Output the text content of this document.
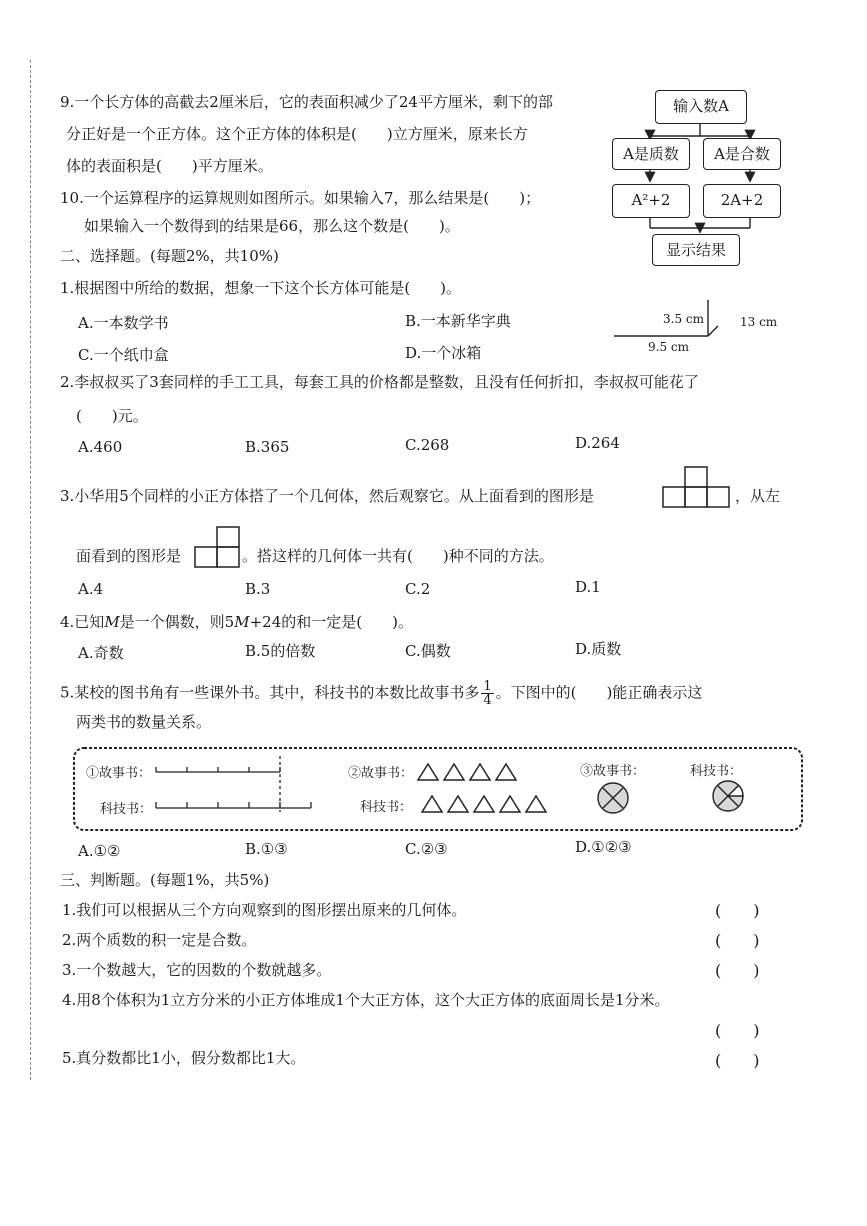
9.一个长方体的高截去2厘米后，它的表面积减少了24平方厘米，剩下的部
分正好是一个正方体。这个正方体的体积是(　　)立方厘米，原来长方
体的表面积是(　　)平方厘米。
10.一个运算程序的运算规则如图所示。如果输入7，那么结果是(　　)；
如果输入一个数得到的结果是66，那么这个数是(　　)。
输入数A
A是质数	A是合数
A²+2	2A+2
显示结果
二、选择题。(每题2%，共10%)
1.根据图中所给的数据，想象一下这个长方体可能是(　　)。
A.一本数学书	B.一本新华字典
C.一个纸巾盒	D.一个冰箱
3.5 cm	13 cm
9.5 cm
2.李叔叔买了3套同样的手工工具，每套工具的价格都是整数，且没有任何折扣，李叔叔可能花了
(　　)元。
A.460	B.365	C.268	D.264
3.小华用5个同样的小正方体搭了一个几何体，然后观察它。从上面看到的图形是	，从左
面看到的图形是	。搭这样的几何体一共有(　　)种不同的方法。
A.4	B.3	C.2	D.1
4.已知M是一个偶数，则5M+24的和一定是(　　)。
A.奇数	B.5的倍数	C.偶数	D.质数
5.某校的图书角有一些课外书。其中，科技书的本数比故事书多 $\frac{1}{4}$ 。下图中的(　　)能正确表示这
两类书的数量关系。
①故事书：
科技书：
②故事书：
科技书：
③故事书：	科技书：
A.①②	B.①③	C.②③	D.①②③
三、判断题。(每题1%，共5%)
1.我们可以根据从三个方向观察到的图形摆出原来的几何体。	(　　)
2.两个质数的积一定是合数。	(　　)
3.一个数越大，它的因数的个数就越多。	(　　)
4.用8个体积为1立方分米的小正方体堆成1个大正方体，这个大正方体的底面周长是1分米。
(　　)
5.真分数都比1小，假分数都比1大。	(　　)
